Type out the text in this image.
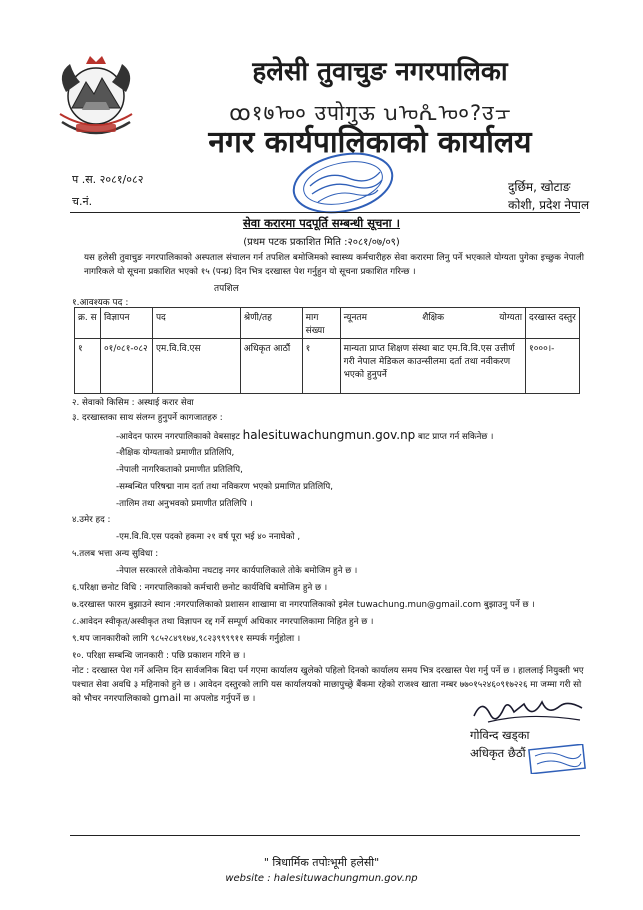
हलेसी तुवाचुङ नगरपालिका
ꝏ१७ᠣ० उपोगुऊ ꭒᠣᕅᠣ०?उᠴ
नगर कार्यपालिकाको कार्यालय
प .स. २०८१/०८२
च.नं.
दुर्छिम, खोटाङ
कोशी, प्रदेश नेपाल
सेवा करारमा पदपूर्ति सम्बन्धी सूचना ।
(प्रथम पटक प्रकाशित मिति :२०८१/०७/०९)
यस हलेसी तुवाचुङ नगरपालिकाको अस्पताल संचालन गर्न तपशिल बमोजिमको स्वास्थ्य कर्मचारीहरु सेवा करारमा लिनु पर्ने भएकाले योग्यता पुगेका इच्छुक नेपाली नागरिकले यो सूचना प्रकाशित भएको १५ (पन्ध्र) दिन भित्र दरखास्त पेश गर्नुहुन यो सूचना प्रकाशित गरिन्छ ।
तपशिल
१.आवश्यक पद :
क्र. स	विज्ञापन	पद	श्रेणी/तह	माग संख्या	न्यूनतम शैक्षिक योग्यता	दरखास्त दस्तुर
१	०१/०८१-०८२	एम.वि.वि.एस	अधिकृत आठौं	१	मान्यता प्राप्त शिक्षण संस्था बाट एम.वि.वि.एस उत्तीर्ण गरी नेपाल मेडिकल काउन्सीलमा दर्ता तथा नवीकरण भएको हुनुपर्ने	१०००।-
२. सेवाको किसिम : अस्थाई करार सेवा
३. दरखास्तका साथ संलग्न हुनुपर्ने कागजातहरु :
-आवेदन फारम नगरपालिकाको वेबसाइट halesituwachungmun.gov.np बाट प्राप्त गर्न सकिनेछ ।
-शैक्षिक योग्यताको प्रमाणीत प्रतिलिपि,
-नेपाली नागरिकताको प्रमाणीत प्रतिलिपि,
-सम्बन्धित परिषद्मा नाम दर्ता तथा नविकरण भएको प्रमाणित प्रतिलिपि,
-तालिम तथा अनुभवको प्रमाणीत प्रतिलिपि ।
४.उमेर हद :
-एम.वि.वि.एस पदको हकमा २१ वर्ष पूरा भई ४० ननाघेको ,
५.तलब भत्ता अन्य सुविधा :
-नेपाल सरकारले तोकेकोमा नघटाइ नगर कार्यपालिकाले तोके बमोजिम हुने छ ।
६.परिक्षा छनोट विधि : नगरपालिकाको कर्मचारी छनोट कार्यविधि बमोजिम हुने छ ।
७.दरखास्त फारम बुझाउने स्थान :नगरपालिकाको प्रशासन शाखामा वा नगरपालिकाको इमेल tuwachung.mun@gmail.com बुझाउनु पर्ने छ ।
८.आवेदन स्वीकृत/अस्वीकृत तथा विज्ञापन रद्द गर्ने सम्पूर्ण अधिकार नगरपालिकामा निहित हुने छ ।
९.थप जानकारीको लागि ९८५२८४९१७४,९८२३९९९९११ सम्पर्क गर्नुहोला ।
१०. परिक्षा सम्बन्धि जानकारी : पछि प्रकाशन गरिने छ ।
नोट : दरखास्त पेश गर्ने अन्तिम दिन सार्वजनिक बिदा पर्न गएमा कार्यालय खुलेको पहिलो दिनको कार्यालय समय भित्र दरखास्त पेश गर्नु पर्ने छ । हाललाई नियुक्ती भए पश्चात सेवा अवधि ३ महिनाको हुने छ । आवेदन दस्तुरको लागि यस कार्यालयको माछापुच्छ्रे बैंकमा रहेको राजश्व खाता नम्बर ७७०१५२४६०९१७२२६ मा जम्मा गरी सो को भौचर नगरपालिकाको gmail मा अपलोड गर्नुपर्ने छ ।
गोविन्द खड्का
अधिकृत छैठौं
" त्रिधार्मिक तपोःभूमी हलेसी"
website : halesituwachungmun.gov.np
